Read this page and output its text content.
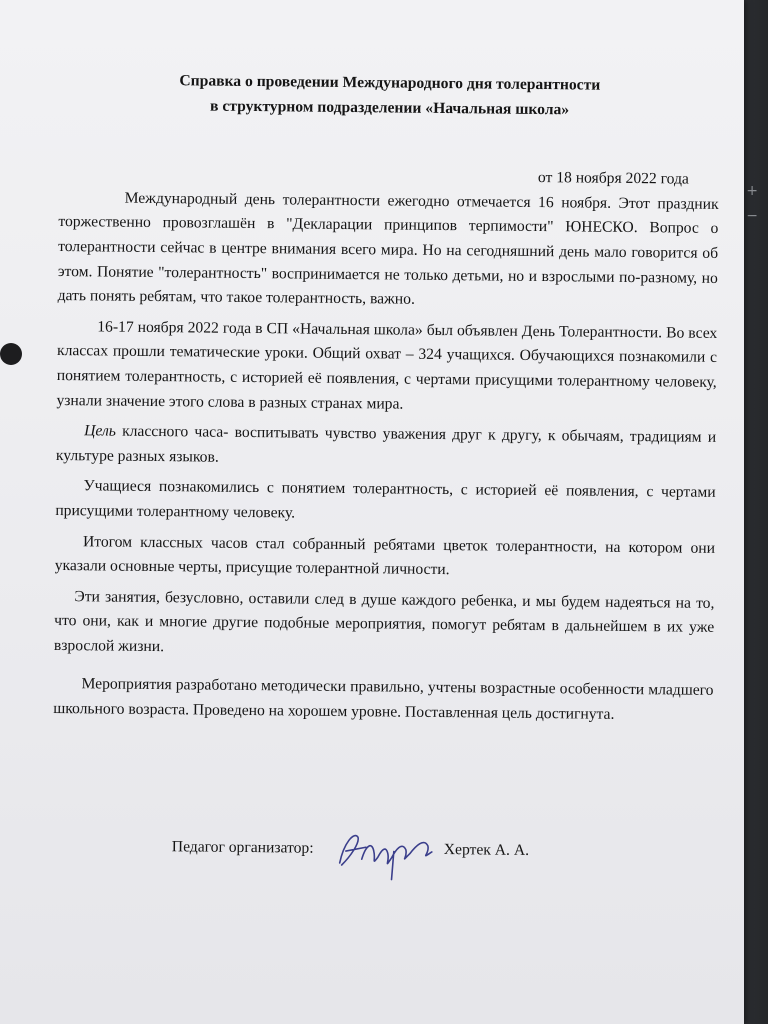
+
−
Справка о проведении Международного дня толерантности
в структурном подразделении «Начальная школа»
от 18 ноября 2022 года

Международный день толерантности ежегодно отмечается 16 ноября. Этот праздник торжественно провозглашён в "Декларации принципов терпимости" ЮНЕСКО. Вопрос о толерантности сейчас в центре внимания всего мира. Но на сегодняшний день мало говорится об этом. Понятие "толерантность" воспринимается не только детьми, но и взрослыми по-разному, но дать понять ребятам, что такое толерантность, важно.

16-17 ноября 2022 года в СП «Начальная школа» был объявлен День Толерантности. Во всех классах прошли тематические уроки. Общий охват – 324 учащихся. Обучающихся познакомили с понятием толерантность, с историей её появления, с чертами присущими толерантному человеку, узнали значение этого слова в разных странах мира.

Цель классного часа- воспитывать чувство уважения друг к другу, к обычаям, традициям и культуре разных языков.

Учащиеся познакомились с понятием толерантность, с историей её появления, с чертами присущими толерантному человеку.

Итогом классных часов стал собранный ребятами цветок толерантности, на котором они указали основные черты, присущие толерантной личности.

Эти занятия, безусловно, оставили след в душе каждого ребенка, и мы будем надеяться на то, что они, как и многие другие подобные мероприятия, помогут ребятам в дальнейшем в их уже взрослой жизни.

Мероприятия разработано методически правильно, учтены возрастные особенности младшего школьного возраста. Проведено на хорошем уровне. Поставленная цель достигнута.

Педагог организатор:	Хертек А. А.
